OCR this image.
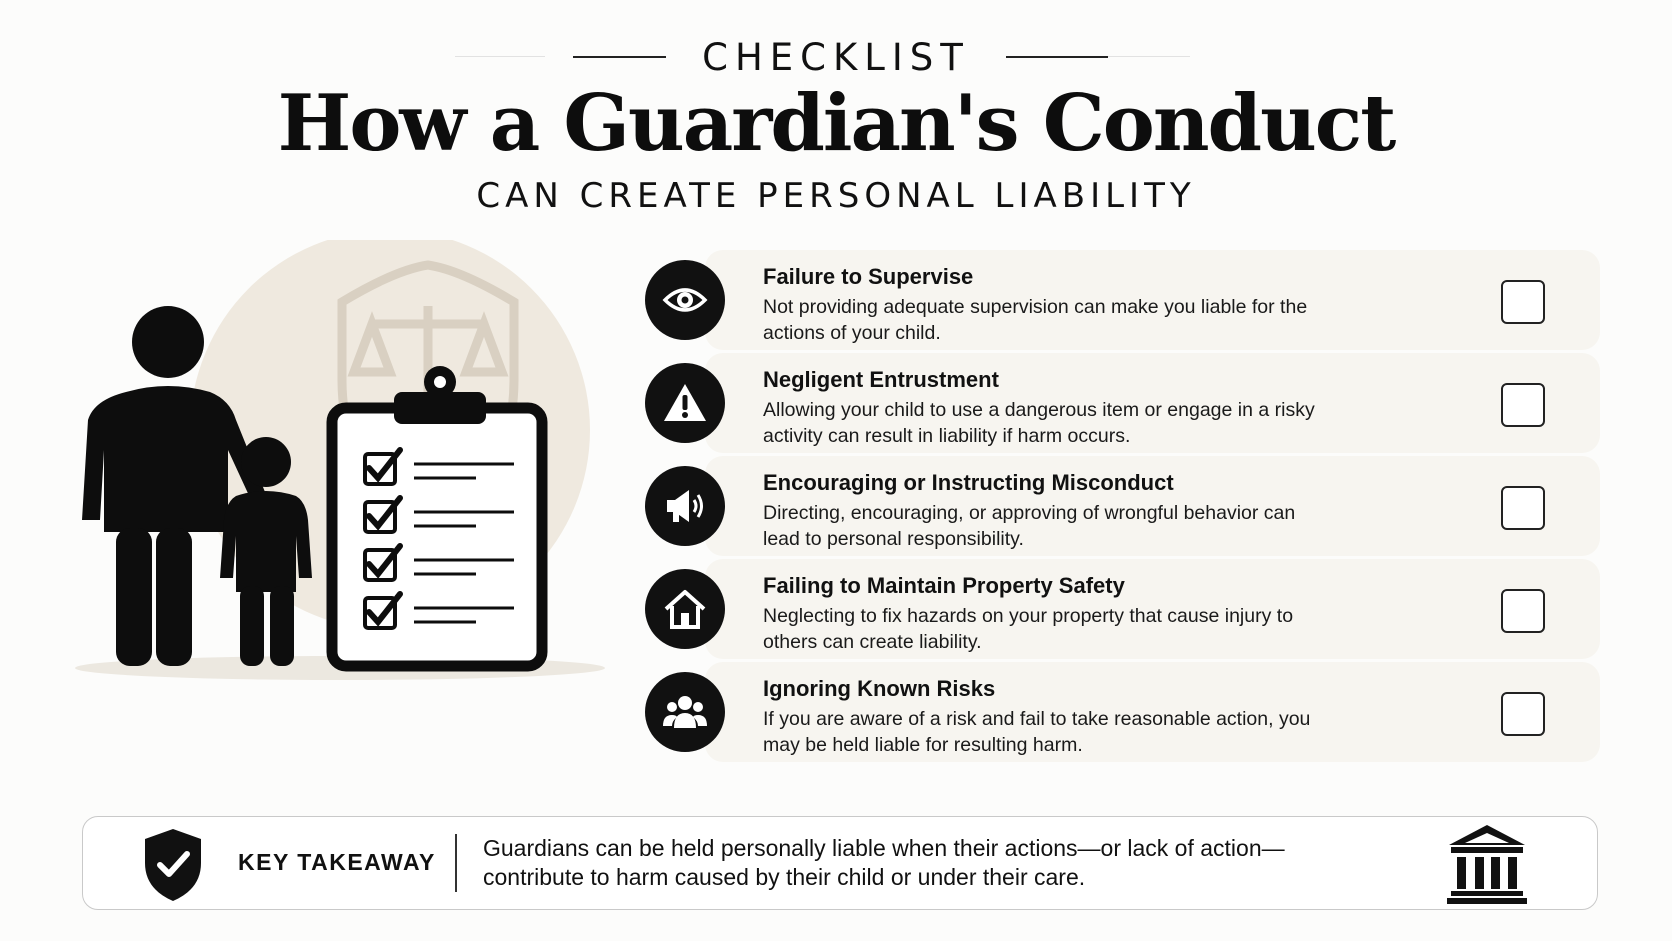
CHECKLIST
How a Guardian's Conduct
CAN CREATE PERSONAL LIABILITY
Failure to Supervise
Not providing adequate supervision can make you liable for the actions of your child.
Negligent Entrustment
Allowing your child to use a dangerous item or engage in a risky activity can result in liability if harm occurs.
Encouraging or Instructing Misconduct
Directing, encouraging, or approving of wrongful behavior can lead to personal responsibility.
Failing to Maintain Property Safety
Neglecting to fix hazards on your property that cause injury to others can create liability.
Ignoring Known Risks
If you are aware of a risk and fail to take reasonable action, you may be held liable for resulting harm.
KEY TAKEAWAY
Guardians can be held personally liable when their actions—or lack of action—contribute to harm caused by their child or under their care.
